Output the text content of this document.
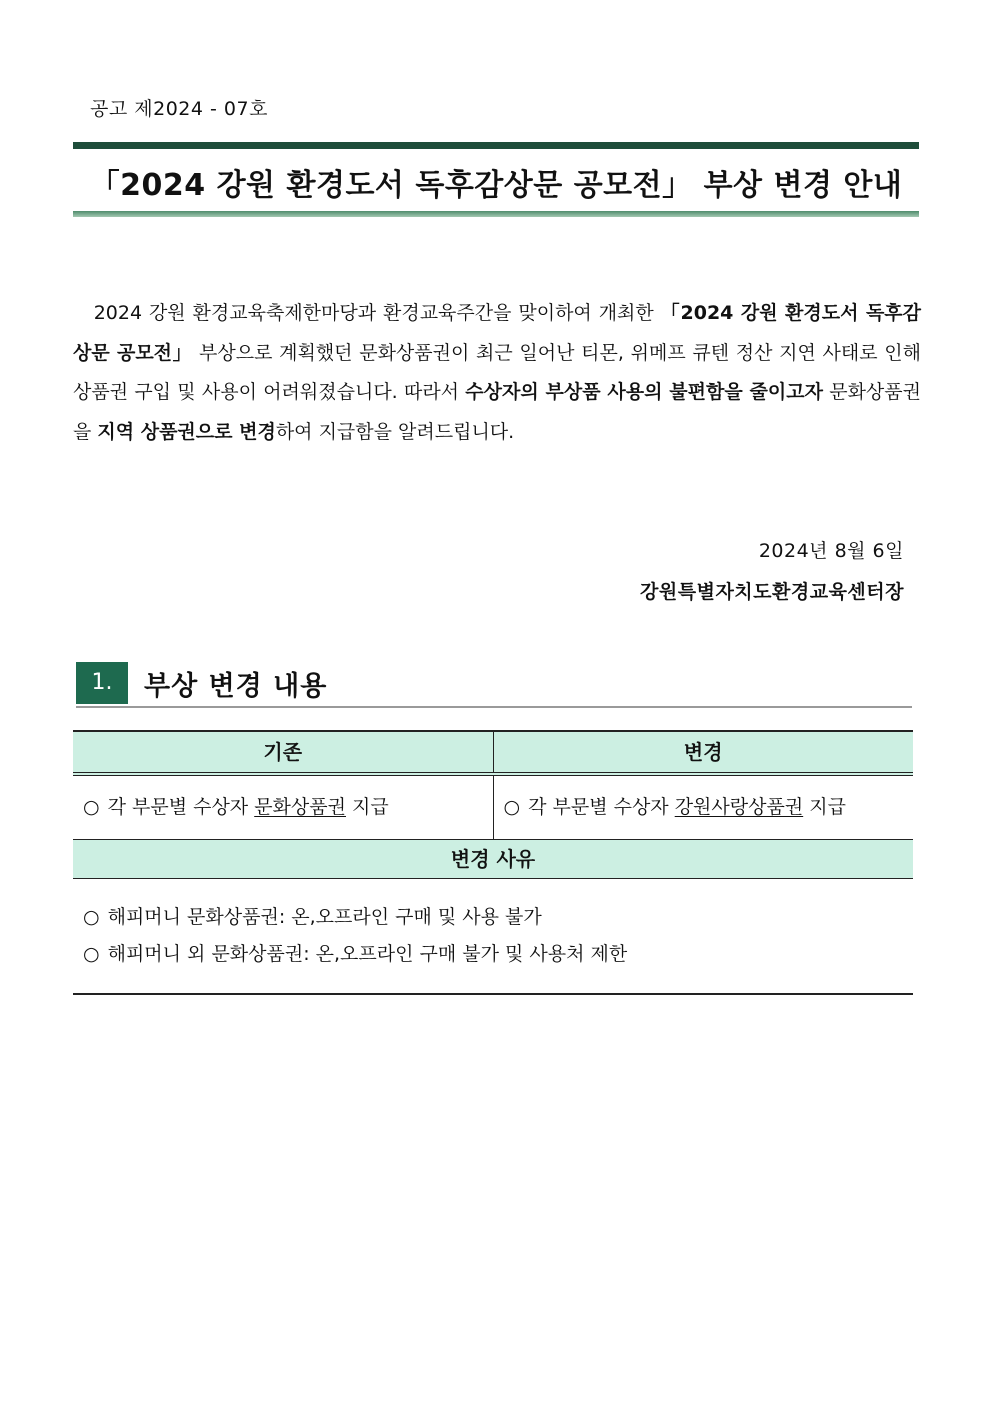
공고 제2024 - 07호
「2024 강원 환경도서 독후감상문 공모전」 부상 변경 안내
2024 강원 환경교육축제한마당과 환경교육주간을 맞이하여 개최한 「2024 강원 환경도서 독후감상문 공모전」 부상으로 계획했던 문화상품권이 최근 일어난 티몬, 위메프 큐텐 정산 지연 사태로 인해 상품권 구입 및 사용이 어려워졌습니다. 따라서 수상자의 부상품 사용의 불편함을 줄이고자 문화상품권을 지역 상품권으로 변경하여 지급함을 알려드립니다.
2024년 8월 6일
강원특별자치도환경교육센터장
1.	부상 변경 내용
기존	변경
○ 각 부문별 수상자 문화상품권 지급	○ 각 부문별 수상자 강원사랑상품권 지급
변경 사유
○ 해피머니 문화상품권: 온,오프라인 구매 및 사용 불가
○ 해피머니 외 문화상품권: 온,오프라인 구매 불가 및 사용처 제한
